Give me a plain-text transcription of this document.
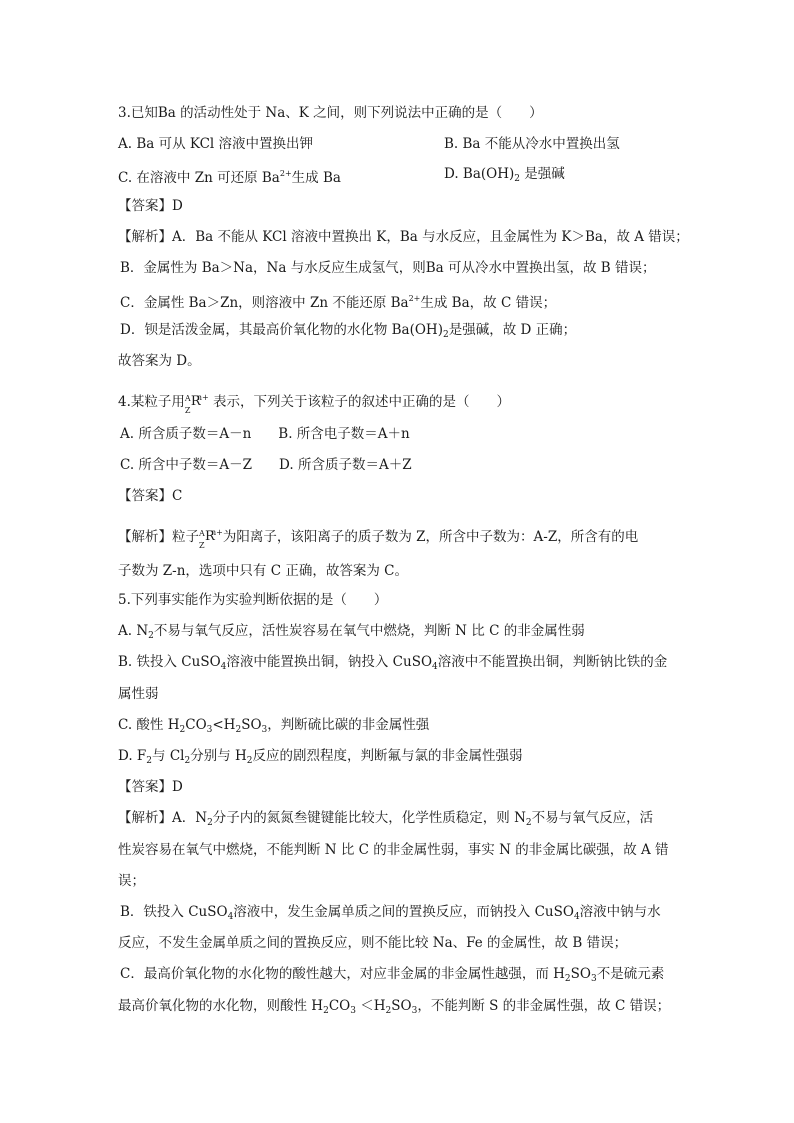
3.已知Ba 的活动性处于 Na、K 之间，则下列说法中正确的是（　　）
A. Ba 可从 KCl 溶液中置换出钾	B. Ba 不能从冷水中置换出氢
C. 在溶液中 Zn 可还原 $Ba^{2+}$生成 Ba	D. $Ba(OH)_2$ 是强碱
【答案】D
【解析】A．Ba 不能从 KCl 溶液中置换出 K，Ba 与水反应，且金属性为 K＞Ba，故 A 错误；
B．金属性为 Ba＞Na，Na 与水反应生成氢气，则Ba 可从冷水中置换出氢，故 B 错误；
C．金属性 Ba＞Zn，则溶液中 Zn 不能还原 $Ba^{2+}$生成 Ba，故 C 错误；
D．钡是活泼金属，其最高价氧化物的水化物 $Ba(OH)_2$是强碱，故 D 正确；
故答案为 D。
4.某粒子用 A
Z
R
$^{n+}$ 表示，下列关于该粒子的叙述中正确的是（　　）
A. 所含质子数＝A－n　　B. 所含电子数＝A＋n
C. 所含中子数＝A－Z　　D. 所含质子数＝A＋Z
【答案】C
【解析】粒子 A
Z
R
$^{n+}$为阳离子，该阳离子的质子数为 Z，所含中子数为：A-Z，所含有的电
子数为 Z-n，选项中只有 C 正确，故答案为 C。
5.下列事实能作为实验判断依据的是（　　）
A. $N_2$不易与氧气反应，活性炭容易在氧气中燃烧，判断 N 比 C 的非金属性弱
B. 铁投入 CuSO$_4$溶液中能置换出铜，钠投入 CuSO$_4$溶液中不能置换出铜，判断钠比铁的金
属性弱
C. 酸性 $H_2CO_3<H_2SO_3$，判断硫比碳的非金属性强
D. $F_2$与 $Cl_2$分别与 $H_2$反应的剧烈程度，判断氟与氯的非金属性强弱
【答案】D
【解析】A．$N_2$分子内的氮氮叁键键能比较大，化学性质稳定，则 $N_2$不易与氧气反应，活
性炭容易在氧气中燃烧，不能判断 N 比 C 的非金属性弱，事实 N 的非金属比碳强，故 A 错
误；
B．铁投入 CuSO$_4$溶液中，发生金属单质之间的置换反应，而钠投入 CuSO$_4$溶液中钠与水
反应，不发生金属单质之间的置换反应，则不能比较 Na、Fe 的金属性，故 B 错误；
C．最高价氧化物的水化物的酸性越大，对应非金属的非金属性越强，而 $H_2SO_3$不是硫元素
最高价氧化物的水化物，则酸性 $H_2CO_3 <H_2SO_3$，不能判断 S 的非金属性强，故 C 错误；
